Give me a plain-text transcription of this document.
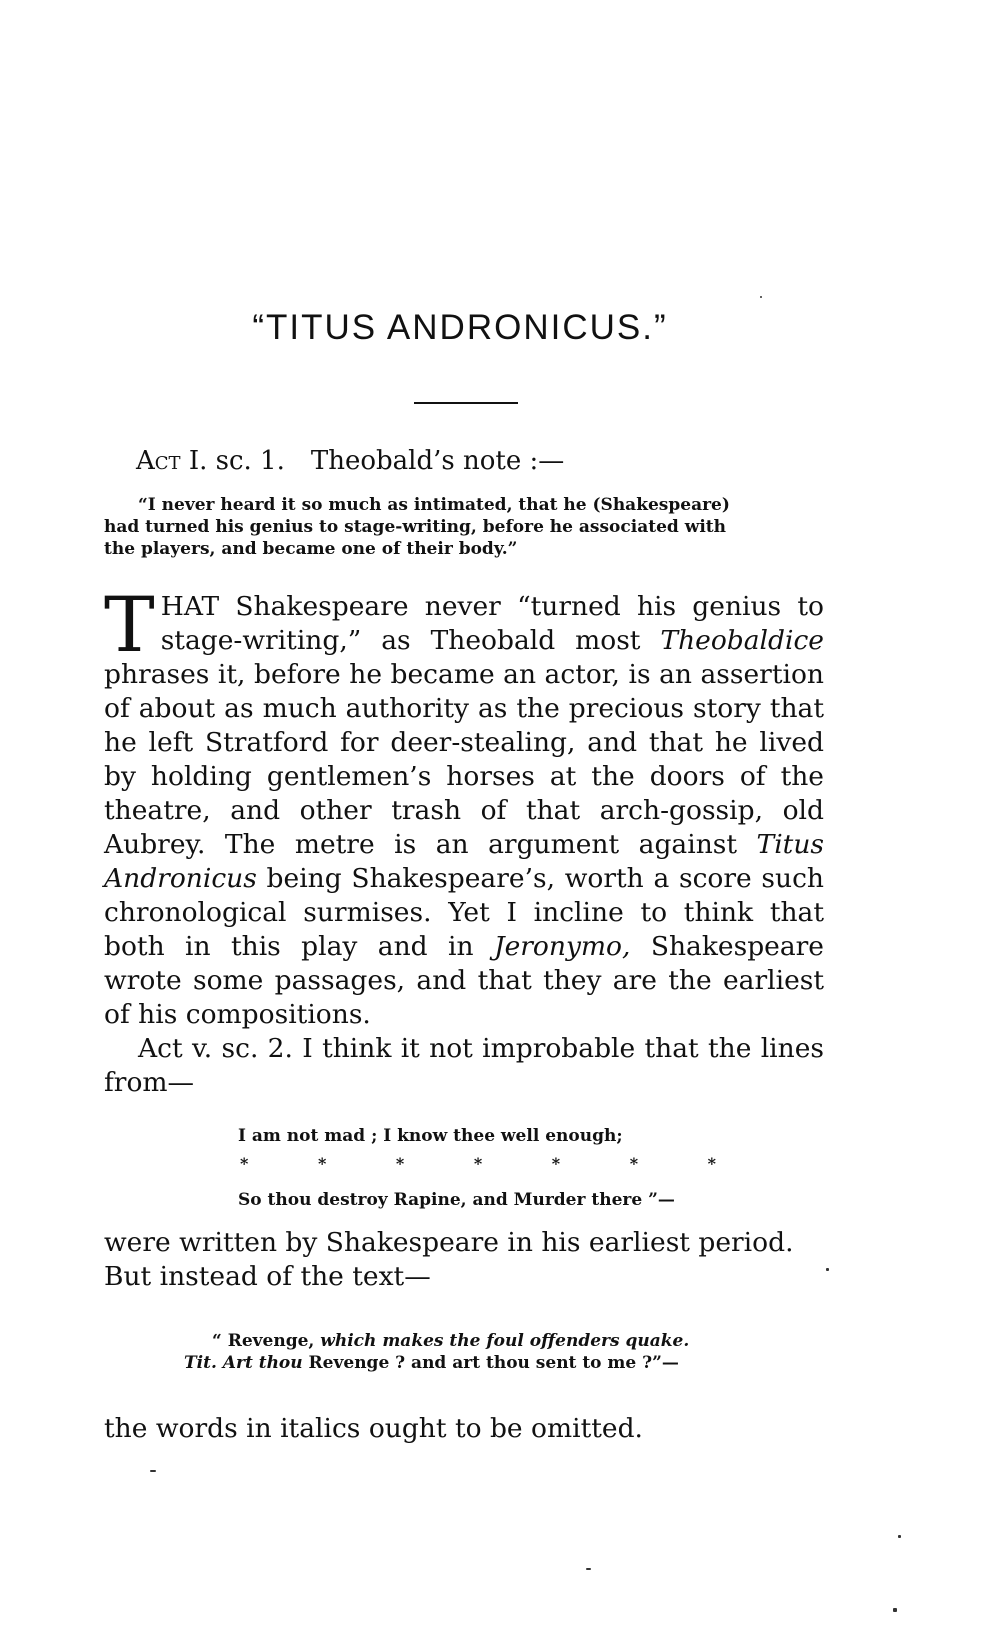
“TITUS ANDRONICUS.”
Act I. sc. 1. Theobald’s note :—

“I never heard it so much as intimated, that he (Shakespeare)

had turned his genius to stage-writing, before he associated with

the players, and became one of their body.”

THAT Shakespeare never “turned his genius to stage-writing,” as Theobald most Theobaldice phrases it, before he became an actor, is an assertion of about as much authority as the precious story that he left Stratford for deer-stealing, and that he lived by holding gentlemen’s horses at the doors of the theatre, and other trash of that arch-gossip, old Aubrey. The metre is an argument against Titus Andronicus being Shakespeare’s, worth a score such chronological surmises. Yet I incline to think that both in this play and in Jeronymo, Shakespeare wrote some passages, and that they are the earliest of his compositions.

Act v. sc. 2. I think it not improbable that the lines from—

I am not mad ; I know thee well enough;
* * * * * * *
So thou destroy Rapine, and Murder there ”—
were written by Shakespeare in his earliest period.
But instead of the text—
“ Revenge, which makes the foul offenders quake.
Tit. Art thou Revenge ? and art thou sent to me ?”—
the words in italics ought to be omitted.
